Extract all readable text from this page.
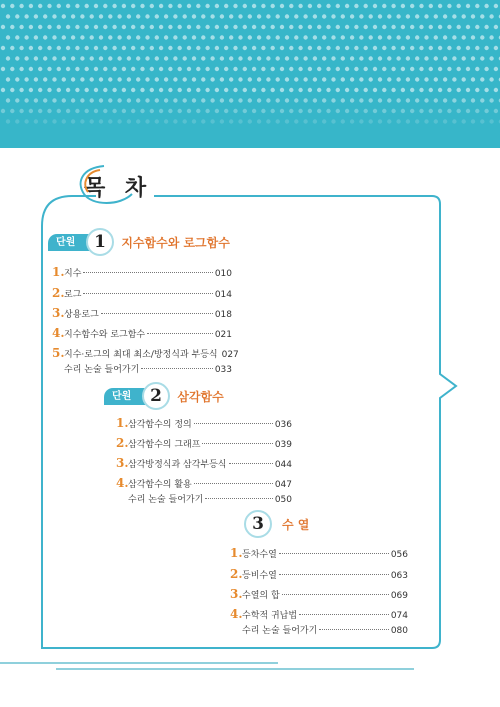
목 차
단원	1	지수함수와 로그함수
1. 지수	010
2. 로그	014
3. 상용로그	018
4. 지수함수와 로그함수	021
5. 지수·로그의 최대 최소/방정식과 부등식 027
수리 논술 들어가기	033
단원	2	삼각함수
1. 삼각함수의 정의	036
2. 삼각함수의 그래프	039
3. 삼각방정식과 삼각부등식	044
4. 삼각함수의 활용	047
수리 논술 들어가기	050
3	수 열
1. 등차수열	056
2. 등비수열	063
3. 수열의 합	069
4. 수학적 귀납법	074
수리 논술 들어가기	080
